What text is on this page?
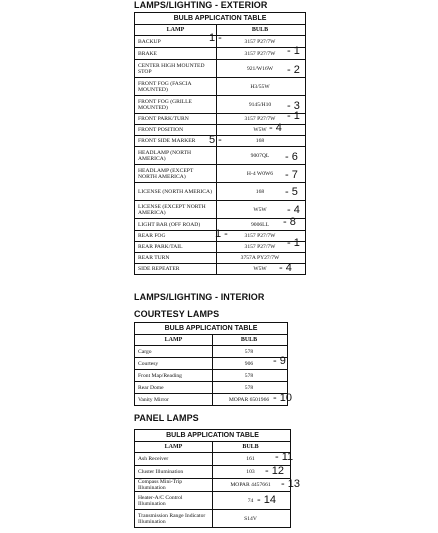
LAMPS/LIGHTING - EXTERIOR
BULB APPLICATION TABLE
LAMP	BULB
BACKUP	3157 P27/7W
1 -
BRAKE	3157 P27/7W - 1
CENTER HIGH MOUNTED STOP	921/W16W - 2
FRONT FOG (FASCIA MOUNTED)	H3/55W
FRONT FOG (GRILLE MOUNTED)	9145/H10 - 3
FRONT PARK/TURN	3157 P27/7W - 1
FRONT POSITION	W5W - 4
FRONT SIDE MARKER	168
5 -
HEADLAMP (NORTH AMERICA)	9007QL - 6
HEADLAMP (EXCEPT NORTH AMERICA)	H-4 W0W6 - 7
LICENSE (NORTH AMERICA)	168 - 5
LICENSE (EXCEPT NORTH AMERICA)	W5W - 4
LIGHT BAR (OFF ROAD)	9006LL - 8
REAR FOG	3157 P27/7W
1 -
REAR PARK/TAIL	3157 P27/7W - 1
REAR TURN	3757A PY27/7W
SIDE REPEATER	W5W - 4
LAMPS/LIGHTING - INTERIOR
COURTESY LAMPS
BULB APPLICATION TABLE
LAMP	BULB
Cargo	578
Courtesy	906 - 9
Front Map/Reading	578
Rear Dome	578
Vanity Mirror	MOPAR 6501966 - 10
PANEL LAMPS
BULB APPLICATION TABLE
LAMP	BULB
Ash Receiver	161 - 11
Cluster Illumination	103 - 12
Compass Mini-Trip Illumination	MOPAR 4457661 - 13
Heater-A/C Control Illumination	74 - 14
Transmission Range Indicator Illumination	S14V
